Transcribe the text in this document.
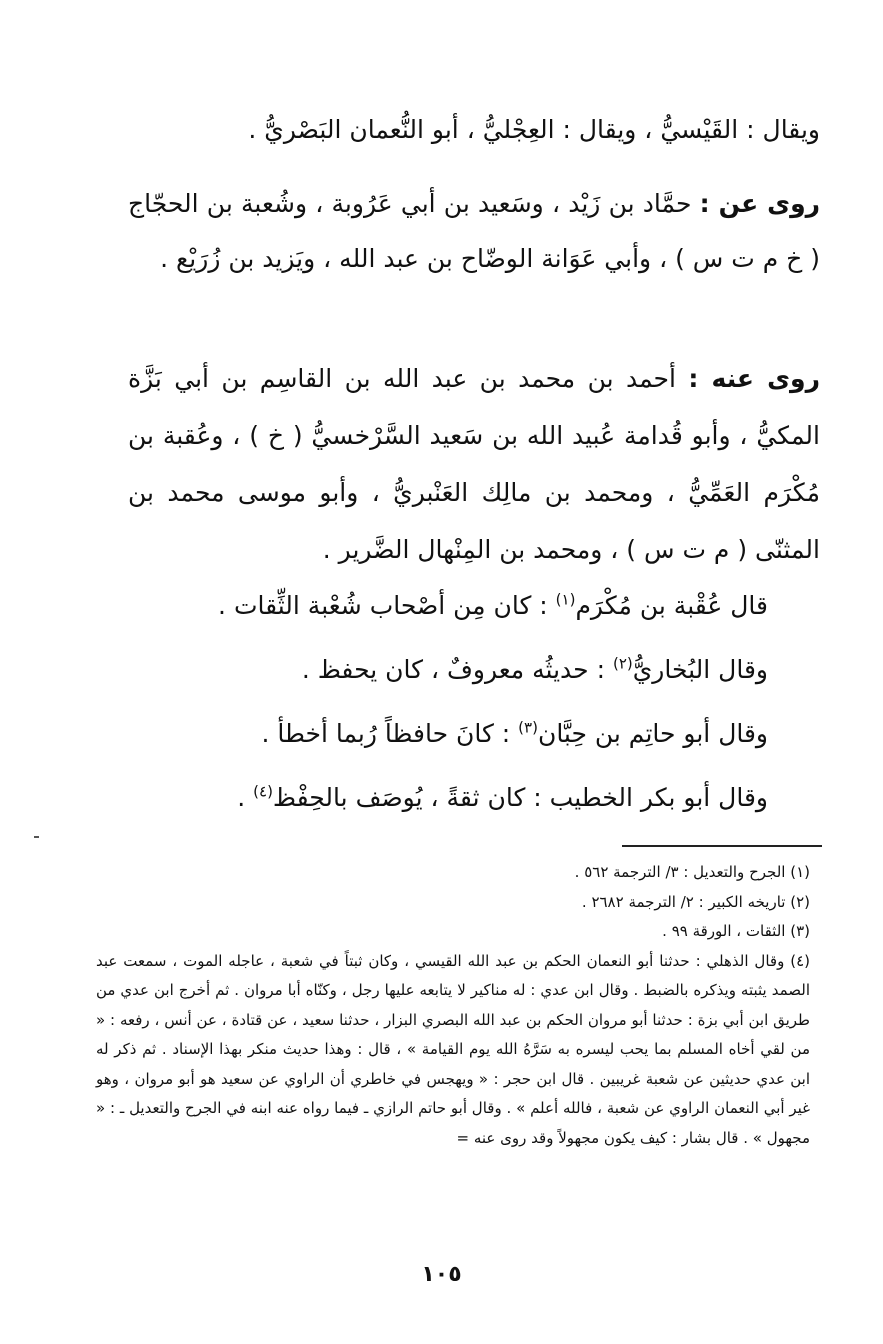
ويقال : القَيْسيُّ ، ويقال : العِجْليُّ ، أبو النُّعمان البَصْريُّ .
روى عن : حمَّاد بن زَيْد ، وسَعيد بن أبي عَرُوبة ، وشُعبة بن الحجّاج ( خ م ت س ) ، وأبي عَوَانة الوضّاح بن عبد الله ، ويَزيد بن زُرَيْع .
روى عنه : أحمد بن محمد بن عبد الله بن القاسِم بن أبي بَزَّة المكيُّ ، وأبو قُدامة عُبيد الله بن سَعيد السَّرْخسيُّ ( خ ) ، وعُقبة بن مُكْرَم العَمِّيُّ ، ومحمد بن مالِك العَنْبريُّ ، وأبو موسى محمد بن المثنّى ( م ت س ) ، ومحمد بن المِنْهال الضَّرير .
قال عُقْبة بن مُكْرَم$^{(١)}$ : كان مِن أصْحاب شُعْبة الثِّقات .
وقال البُخاريُّ$^{(٢)}$ : حديثُه معروفٌ ، كان يحفظ .
وقال أبو حاتِم بن حِبَّان$^{(٣)}$ : كانَ حافظاً رُبما أخطأ .
وقال أبو بكر الخطيب : كان ثقةً ، يُوصَف بالحِفْظ$^{(٤)}$ .

(١) الجرح والتعديل : ٣/ الترجمة ٥٦٢ .

(٢) تاريخه الكبير : ٢/ الترجمة ٢٦٨٢ .

(٣) الثقات ، الورقة ٩٩ .

(٤) وقال الذهلي : حدثنا أبو النعمان الحكم بن عبد الله القيسي ، وكان ثبتاً في شعبة ، عاجله الموت ، سمعت عبد الصمد يثبته ويذكره بالضبط . وقال ابن عدي : له مناكير لا يتابعه عليها رجل ، وكنّاه أبا مروان . ثم أخرج ابن عدي من طريق ابن أبي بزة : حدثنا أبو مروان الحكم بن عبد الله البصري البزار ، حدثنا سعيد ، عن قتادة ، عن أنس ، رفعه : « من لقي أخاه المسلم بما يحب ليسره به سَرَّهُ الله يوم القيامة » ، قال : وهذا حديث منكر بهذا الإسناد . ثم ذكر له ابن عدي حديثين عن شعبة غريبين . قال ابن حجر : « ويهجس في خاطري أن الراوي عن سعيد هو أبو مروان ، وهو غير أبي النعمان الراوي عن شعبة ، فالله أعلم » . وقال أبو حاتم الرازي ـ فيما رواه عنه ابنه في الجرح والتعديل ـ : « مجهول » . قال بشار : كيف يكون مجهولاً وقد روى عنه =

١٠٥
